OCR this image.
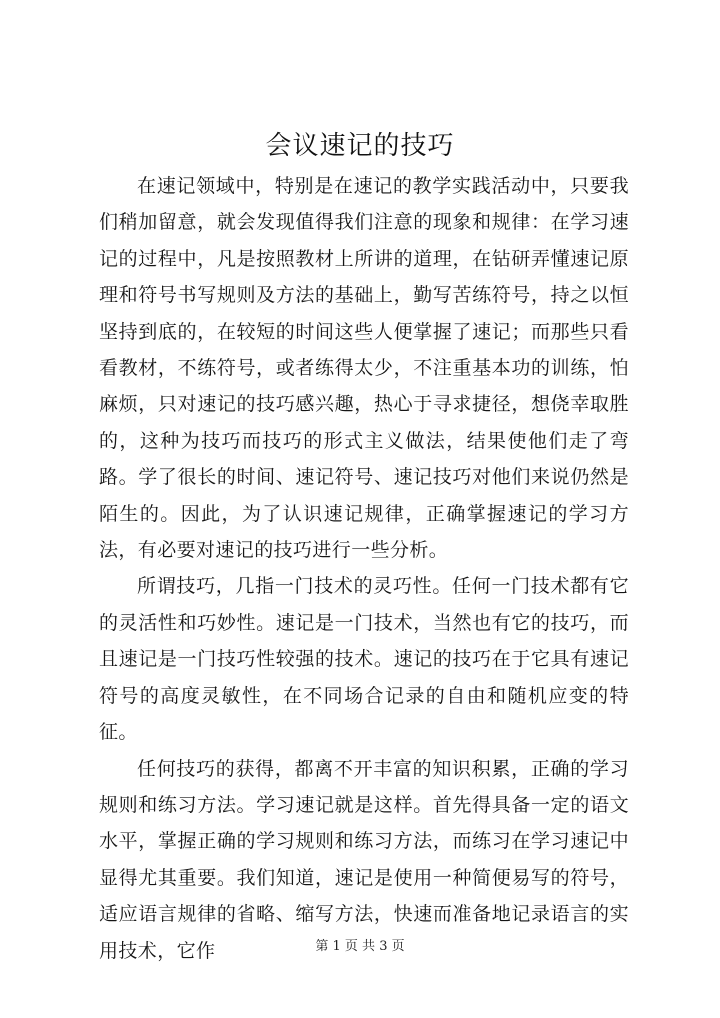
会议速记的技巧

在速记领域中，特别是在速记的教学实践活动中，只要我们稍加留意，就会发现值得我们注意的现象和规律：在学习速记的过程中，凡是按照教材上所讲的道理，在钻研弄懂速记原理和符号书写规则及方法的基础上，勤写苦练符号，持之以恒坚持到底的，在较短的时间这些人便掌握了速记；而那些只看看教材，不练符号，或者练得太少，不注重基本功的训练，怕麻烦，只对速记的技巧感兴趣，热心于寻求捷径，想侥幸取胜的，这种为技巧而技巧的形式主义做法，结果使他们走了弯路。学了很长的时间、速记符号、速记技巧对他们来说仍然是陌生的。因此，为了认识速记规律，正确掌握速记的学习方法，有必要对速记的技巧进行一些分析。

所谓技巧，几指一门技术的灵巧性。任何一门技术都有它的灵活性和巧妙性。速记是一门技术，当然也有它的技巧，而且速记是一门技巧性较强的技术。速记的技巧在于它具有速记符号的高度灵敏性，在不同场合记录的自由和随机应变的特征。

任何技巧的获得，都离不开丰富的知识积累，正确的学习规则和练习方法。学习速记就是这样。首先得具备一定的语文水平，掌握正确的学习规则和练习方法，而练习在学习速记中显得尤其重要。我们知道，速记是使用一种简便易写的符号，适应语言规律的省略、缩写方法，快速而准备地记录语言的实用技术，它作	第 1 页 共 3 页
